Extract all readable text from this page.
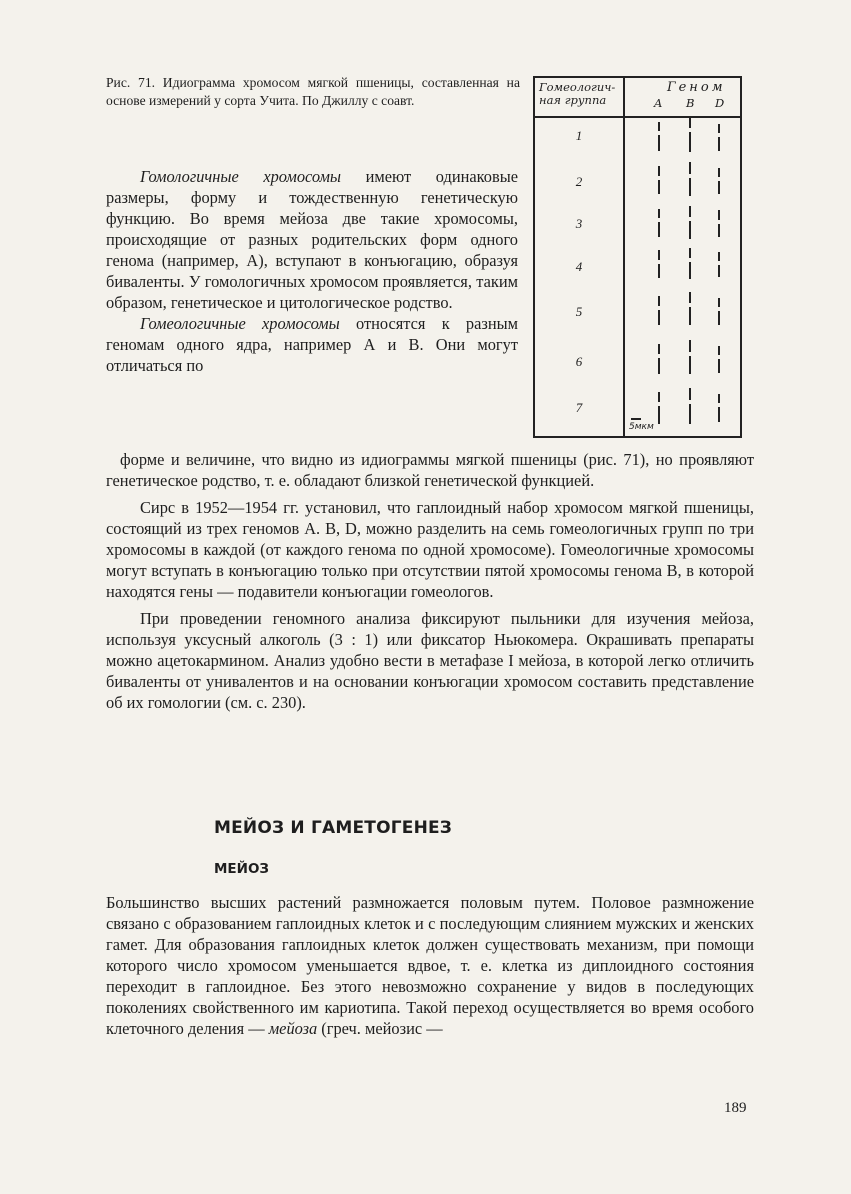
Рис. 71. Идиограмма хромосом мягкой пшеницы, составленная на основе измерений у сорта Учита. По Джиллу с соавт.

Гомеологич-ная группа
Геном
A B D
1
2
3
4
5
6
7
5мкм

Гомологичные хромосомы имеют одинаковые размеры, форму и тождественную генетическую функцию. Во время мейоза две такие хромосомы, происходящие от разных родительских форм одного генома (например, А), вступают в конъюгацию, образуя биваленты. У гомологичных хромосом проявляется, таким образом, генетическое и цитологическое родство.

Гомеологичные хромосомы относятся к разным геномам одного ядра, например А и В. Они могут отличаться по

форме и величине, что видно из идиограммы мягкой пшеницы (рис. 71), но проявляют генетическое родство, т. е. обладают близкой генетической функцией.

Сирс в 1952—1954 гг. установил, что гаплоидный набор хромосом мягкой пшеницы, состоящий из трех геномов А. В, D, можно разделить на семь гомеологичных групп по три хромосомы в каждой (от каждого генома по одной хромосоме). Гомеологичные хромосомы могут вступать в конъюгацию только при отсутствии пятой хромосомы генома В, в которой находятся гены — подавители конъюгации гомеологов.

При проведении геномного анализа фиксируют пыльники для изучения мейоза, используя уксусный алкоголь (3 : 1) или фиксатор Ньюкомера. Окрашивать препараты можно ацетокармином. Анализ удобно вести в метафазе I мейоза, в которой легко отличить биваленты от унивалентов и на основании конъюгации хромосом составить представление об их гомологии (см. с. 230).

МЕЙОЗ И ГАМЕТОГЕНЕЗ
МЕЙОЗ

Большинство высших растений размножается половым путем. Половое размножение связано с образованием гаплоидных клеток и с последующим слиянием мужских и женских гамет. Для образования гаплоидных клеток должен существовать механизм, при помощи которого число хромосом уменьшается вдвое, т. е. клетка из диплоидного состояния переходит в гаплоидное. Без этого невозможно сохранение у видов в последующих поколениях свойственного им кариотипа. Такой переход осуществляется во время особого клеточного деления — мейоза (греч. мейозис —

189
